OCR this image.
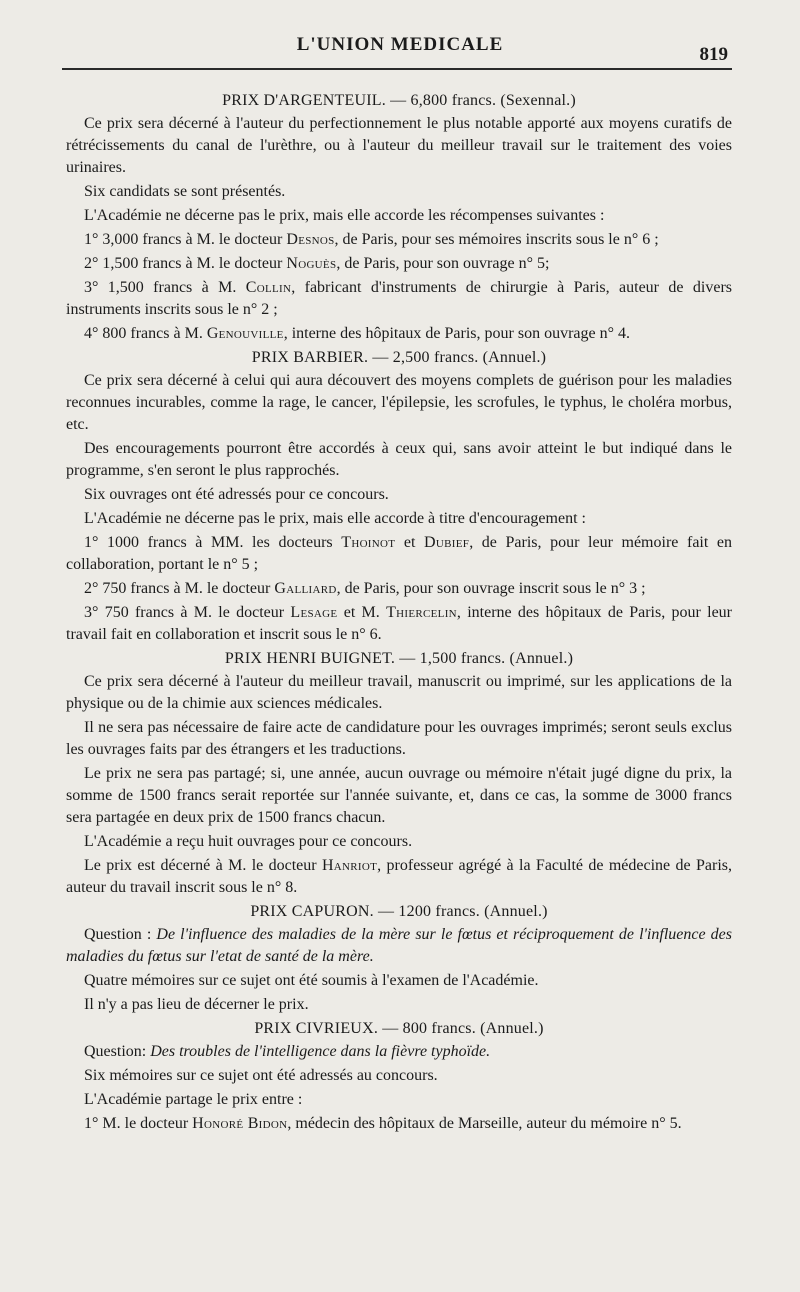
L'UNION MEDICALE	819
PRIX D'ARGENTEUIL. — 6,800 francs. (Sexennal.)

Ce prix sera décerné à l'auteur du perfectionnement le plus notable apporté aux moyens curatifs de rétrécissements du canal de l'urèthre, ou à l'auteur du meilleur travail sur le traitement des voies urinaires.

Six candidats se sont présentés.

L'Académie ne décerne pas le prix, mais elle accorde les récompenses suivantes :

1° 3,000 francs à M. le docteur Desnos, de Paris, pour ses mémoires inscrits sous le n° 6 ;

2° 1,500 francs à M. le docteur Noguès, de Paris, pour son ouvrage n° 5;

3° 1,500 francs à M. Collin, fabricant d'instruments de chirurgie à Paris, auteur de divers instruments inscrits sous le n° 2 ;

4° 800 francs à M. Genouville, interne des hôpitaux de Paris, pour son ouvrage n° 4.

PRIX BARBIER. — 2,500 francs. (Annuel.)

Ce prix sera décerné à celui qui aura découvert des moyens complets de guérison pour les maladies reconnues incurables, comme la rage, le cancer, l'épilepsie, les scrofules, le typhus, le choléra morbus, etc.

Des encouragements pourront être accordés à ceux qui, sans avoir atteint le but indiqué dans le programme, s'en seront le plus rapprochés.

Six ouvrages ont été adressés pour ce concours.

L'Académie ne décerne pas le prix, mais elle accorde à titre d'encouragement :

1° 1000 francs à MM. les docteurs Thoinot et Dubief, de Paris, pour leur mémoire fait en collaboration, portant le n° 5 ;

2° 750 francs à M. le docteur Galliard, de Paris, pour son ouvrage inscrit sous le n° 3 ;

3° 750 francs à M. le docteur Lesage et M. Thiercelin, interne des hôpitaux de Paris, pour leur travail fait en collaboration et inscrit sous le n° 6.

PRIX HENRI BUIGNET. — 1,500 francs. (Annuel.)

Ce prix sera décerné à l'auteur du meilleur travail, manuscrit ou imprimé, sur les applications de la physique ou de la chimie aux sciences médicales.

Il ne sera pas nécessaire de faire acte de candidature pour les ouvrages imprimés; seront seuls exclus les ouvrages faits par des étrangers et les traductions.

Le prix ne sera pas partagé; si, une année, aucun ouvrage ou mémoire n'était jugé digne du prix, la somme de 1500 francs serait reportée sur l'année suivante, et, dans ce cas, la somme de 3000 francs sera partagée en deux prix de 1500 francs chacun.

L'Académie a reçu huit ouvrages pour ce concours.

Le prix est décerné à M. le docteur Hanriot, professeur agrégé à la Faculté de médecine de Paris, auteur du travail inscrit sous le n° 8.

PRIX CAPURON. — 1200 francs. (Annuel.)

Question : De l'influence des maladies de la mère sur le fœtus et réciproquement de l'influence des maladies du fœtus sur l'etat de santé de la mère.

Quatre mémoires sur ce sujet ont été soumis à l'examen de l'Académie.

Il n'y a pas lieu de décerner le prix.

PRIX CIVRIEUX. — 800 francs. (Annuel.)

Question: Des troubles de l'intelligence dans la fièvre typhoïde.

Six mémoires sur ce sujet ont été adressés au concours.

L'Académie partage le prix entre :

1° M. le docteur Honoré Bidon, médecin des hôpitaux de Marseille, auteur du mémoire n° 5.
